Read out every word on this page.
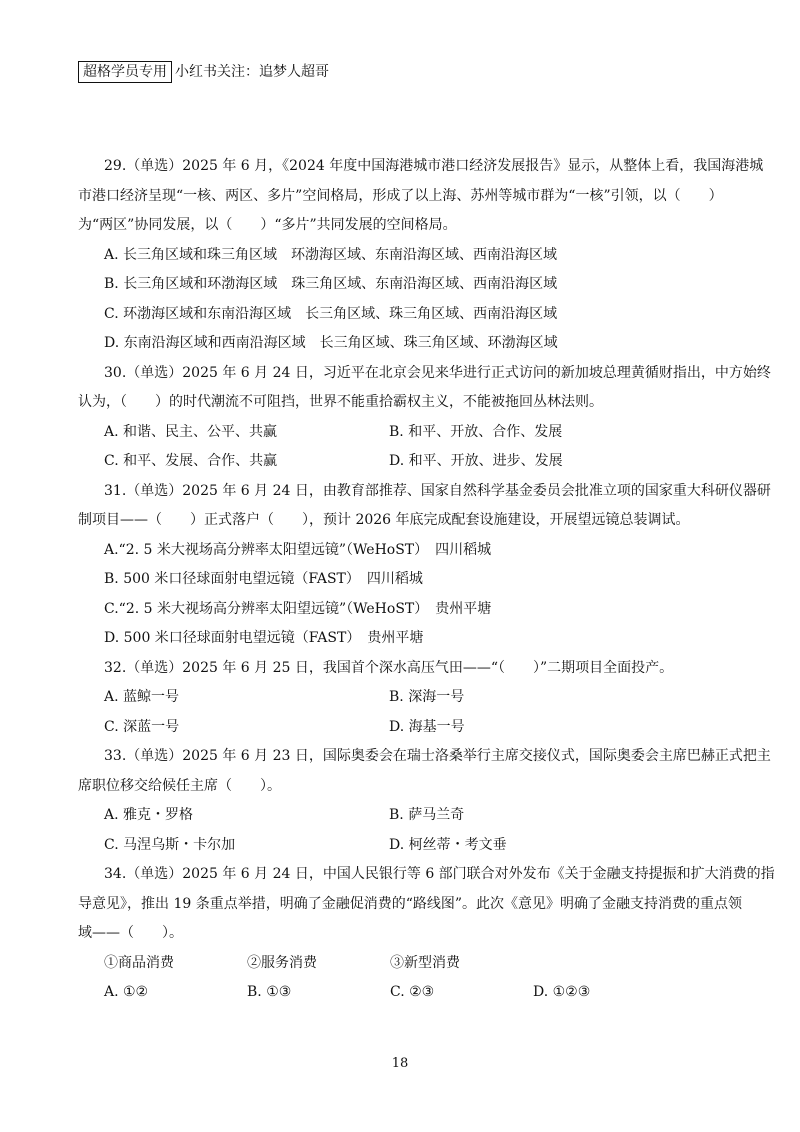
超格学员专用 小红书关注：追梦人超哥
29.（单选）2025 年 6 月，《2024 年度中国海港城市港口经济发展报告》显示，从整体上看，我国海港城
市港口经济呈现“一核、两区、多片”空间格局，形成了以上海、苏州等城市群为“一核”引领，以（　　）
为“两区”协同发展，以（　　）“多片”共同发展的空间格局。
A. 长三角区域和珠三角区域　环渤海区域、东南沿海区域、西南沿海区域
B. 长三角区域和环渤海区域　珠三角区域、东南沿海区域、西南沿海区域
C. 环渤海区域和东南沿海区域　长三角区域、珠三角区域、西南沿海区域
D. 东南沿海区域和西南沿海区域　长三角区域、珠三角区域、环渤海区域
30.（单选）2025 年 6 月 24 日，习近平在北京会见来华进行正式访问的新加坡总理黄循财指出，中方始终
认为，（　　）的时代潮流不可阻挡，世界不能重拾霸权主义，不能被拖回丛林法则。
A. 和谐、民主、公平、共赢	B. 和平、开放、合作、发展
C. 和平、发展、合作、共赢	D. 和平、开放、进步、发展
31.（单选）2025 年 6 月 24 日，由教育部推荐、国家自然科学基金委员会批准立项的国家重大科研仪器研
制项目——（　　）正式落户（　　），预计 2026 年底完成配套设施建设，开展望远镜总装调试。
A.“2. 5 米大视场高分辨率太阳望远镜”（WeHoST）　四川稻城
B. 500 米口径球面射电望远镜（FAST）　四川稻城
C.“2. 5 米大视场高分辨率太阳望远镜”（WeHoST）　贵州平塘
D. 500 米口径球面射电望远镜（FAST）　贵州平塘
32.（单选）2025 年 6 月 25 日，我国首个深水高压气田——“（　　）”二期项目全面投产。
A. 蓝鲸一号	B. 深海一号
C. 深蓝一号	D. 海基一号
33.（单选）2025 年 6 月 23 日，国际奥委会在瑞士洛桑举行主席交接仪式，国际奥委会主席巴赫正式把主
席职位移交给候任主席（　　）。
A. 雅克・罗格	B. 萨马兰奇
C. 马涅乌斯・卡尔加	D. 柯丝蒂・考文垂
34.（单选）2025 年 6 月 24 日，中国人民银行等 6 部门联合对外发布《关于金融支持提振和扩大消费的指
导意见》，推出 19 条重点举措，明确了金融促消费的“路线图”。此次《意见》明确了金融支持消费的重点领
域——（　　）。
①商品消费	②服务消费	③新型消费
A. ①②	B. ①③	C. ②③	D. ①②③
18
